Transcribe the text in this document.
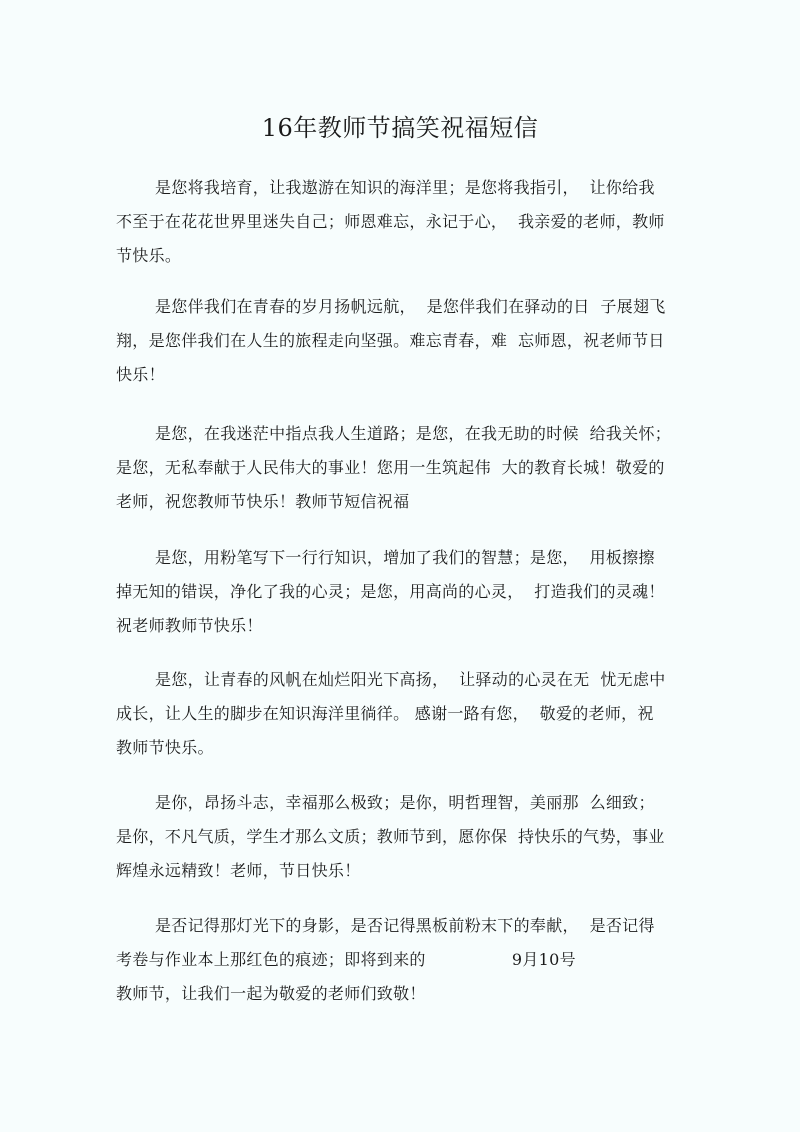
16年教师节搞笑祝福短信
是您将我培育，让我遨游在知识的海洋里；是您将我指引，  让你给我
不至于在花花世界里迷失自己；师恩难忘，永记于心，  我亲爱的老师，教师
节快乐。
是您伴我们在青春的岁月扬帆远航，  是您伴我们在驿动的日  子展翅飞
翔，是您伴我们在人生的旅程走向坚强。难忘青春，难  忘师恩，祝老师节日
快乐！
是您，在我迷茫中指点我人生道路；是您，在我无助的时候  给我关怀；
是您，无私奉献于人民伟大的事业！您用一生筑起伟  大的教育长城！敬爱的
老师，祝您教师节快乐！教师节短信祝福
是您，用粉笔写下一行行知识，增加了我们的智慧；是您，  用板擦擦
掉无知的错误，净化了我的心灵；是您，用高尚的心灵，  打造我们的灵魂！
祝老师教师节快乐！
是您，让青春的风帆在灿烂阳光下高扬，  让驿动的心灵在无  忧无虑中
成长，让人生的脚步在知识海洋里徜徉。 感谢一路有您，  敬爱的老师，祝
教师节快乐。
是你，昂扬斗志，幸福那么极致；是你，明哲理智，美丽那  么细致；
是你，不凡气质，学生才那么文质；教师节到，愿你保  持快乐的气势，事业
辉煌永远精致！老师，节日快乐！
是否记得那灯光下的身影，是否记得黑板前粉末下的奉献，  是否记得
考卷与作业本上那红色的痕迹；即将到来的                9月10号
教师节，让我们一起为敬爱的老师们致敬！
